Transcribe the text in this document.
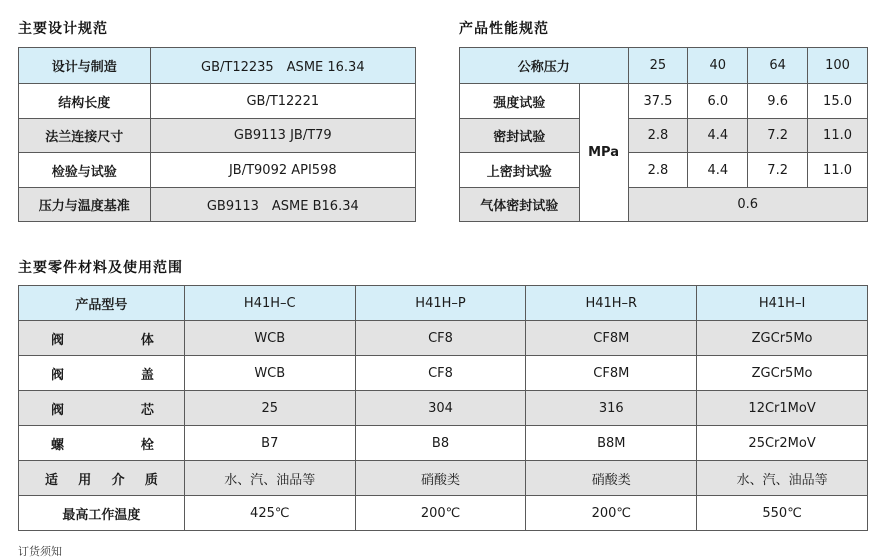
主要设计规范
设计与制造	GB/T12235　ASME 16.34
结构长度	GB/T12221
法兰连接尺寸	GB9113 JB/T79
检验与试验	JB/T9092 API598
压力与温度基准	GB9113　ASME B16.34
产品性能规范
公称压力		25	40	64	100
强度试验	MPa	37.5	6.0	9.6	15.0
密封试验		2.8	4.4	7.2	11.0
上密封试验		2.8	4.4	7.2	11.0
气体密封试验		0.6			
主要零件材料及使用范围
产品型号	H41H–C	H41H–P	H41H–R	H41H–I

阀 体	WCB	CF8	CF8M	ZGCr5Mo

阀 盖	WCB	CF8	CF8M	ZGCr5Mo

阀 芯	25	304	316	12Cr1MoV

螺 栓	B7	B8	B8M	25Cr2MoV

适 用 介 质	水、汽、油品等	硝酸类	硝酸类	水、汽、油品等
最高工作温度	425℃	200℃	200℃	550℃
订货须知
